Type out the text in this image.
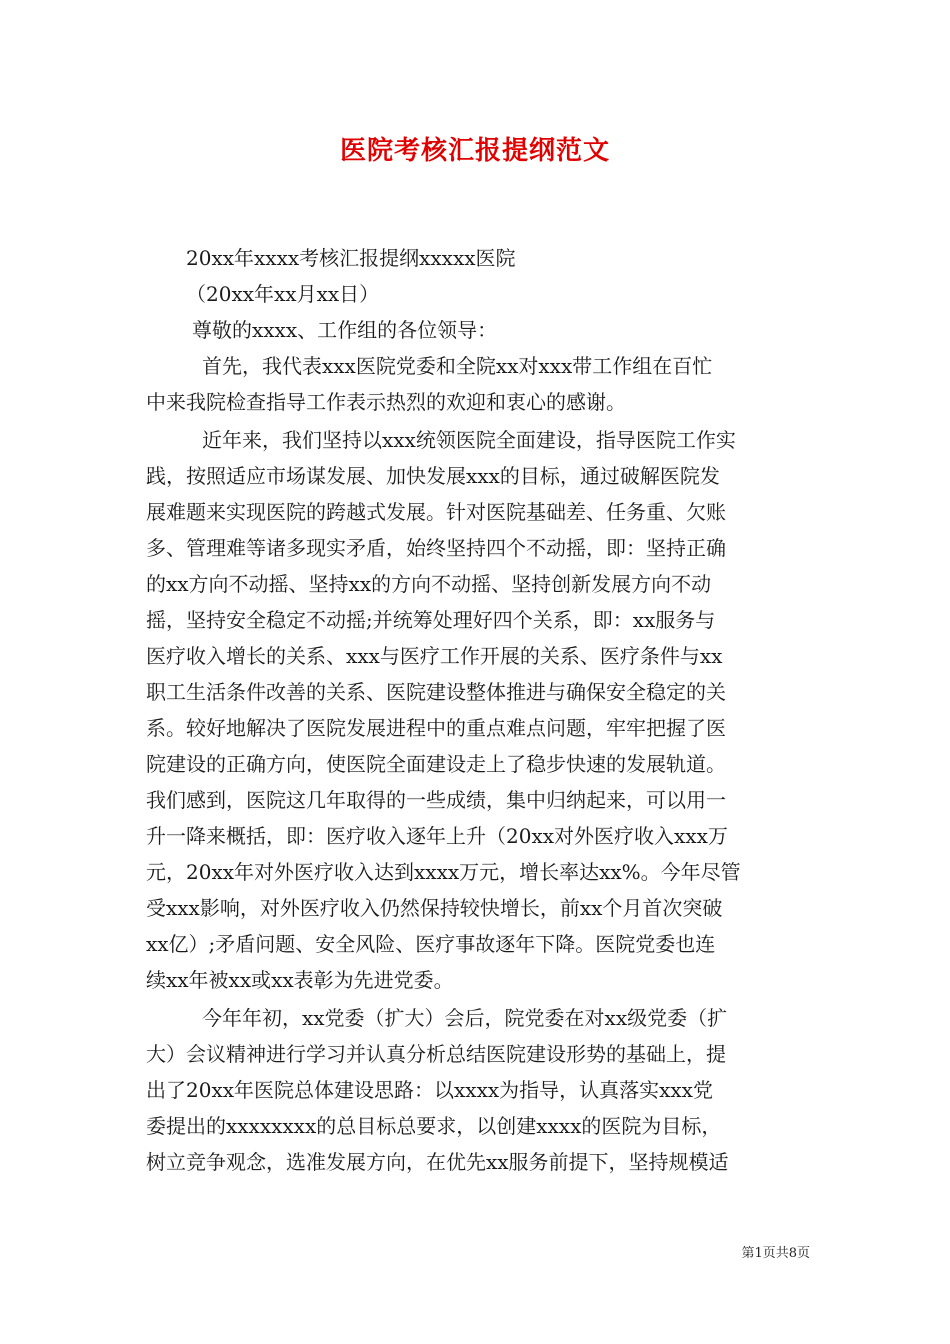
医院考核汇报提纲范文
20xx年xxxx考核汇报提纲xxxxx医院
（20xx年xx月xx日）
尊敬的xxxx、工作组的各位领导：
首先，我代表xxx医院党委和全院xx对xxx带工作组在百忙
中来我院检查指导工作表示热烈的欢迎和衷心的感谢。
近年来，我们坚持以xxx统领医院全面建设，指导医院工作实
践，按照适应市场谋发展、加快发展xxx的目标，通过破解医院发
展难题来实现医院的跨越式发展。针对医院基础差、任务重、欠账
多、管理难等诸多现实矛盾，始终坚持四个不动摇，即：坚持正确
的xx方向不动摇、坚持xx的方向不动摇、坚持创新发展方向不动
摇，坚持安全稳定不动摇;并统筹处理好四个关系，即：xx服务与
医疗收入增长的关系、xxx与医疗工作开展的关系、医疗条件与xx
职工生活条件改善的关系、医院建设整体推进与确保安全稳定的关
系。较好地解决了医院发展进程中的重点难点问题，牢牢把握了医
院建设的正确方向，使医院全面建设走上了稳步快速的发展轨道。
我们感到，医院这几年取得的一些成绩，集中归纳起来，可以用一
升一降来概括，即：医疗收入逐年上升（20xx对外医疗收入xxx万
元，20xx年对外医疗收入达到xxxx万元，增长率达xx%。今年尽管
受xxx影响，对外医疗收入仍然保持较快增长，前xx个月首次突破
xx亿）;矛盾问题、安全风险、医疗事故逐年下降。医院党委也连
续xx年被xx或xx表彰为先进党委。
今年年初，xx党委（扩大）会后，院党委在对xx级党委（扩
大）会议精神进行学习并认真分析总结医院建设形势的基础上，提
出了20xx年医院总体建设思路：以xxxx为指导，认真落实xxx党
委提出的xxxxxxxx的总目标总要求，以创建xxxx的医院为目标，
树立竞争观念，选准发展方向，在优先xx服务前提下，坚持规模适
第1页共8页
